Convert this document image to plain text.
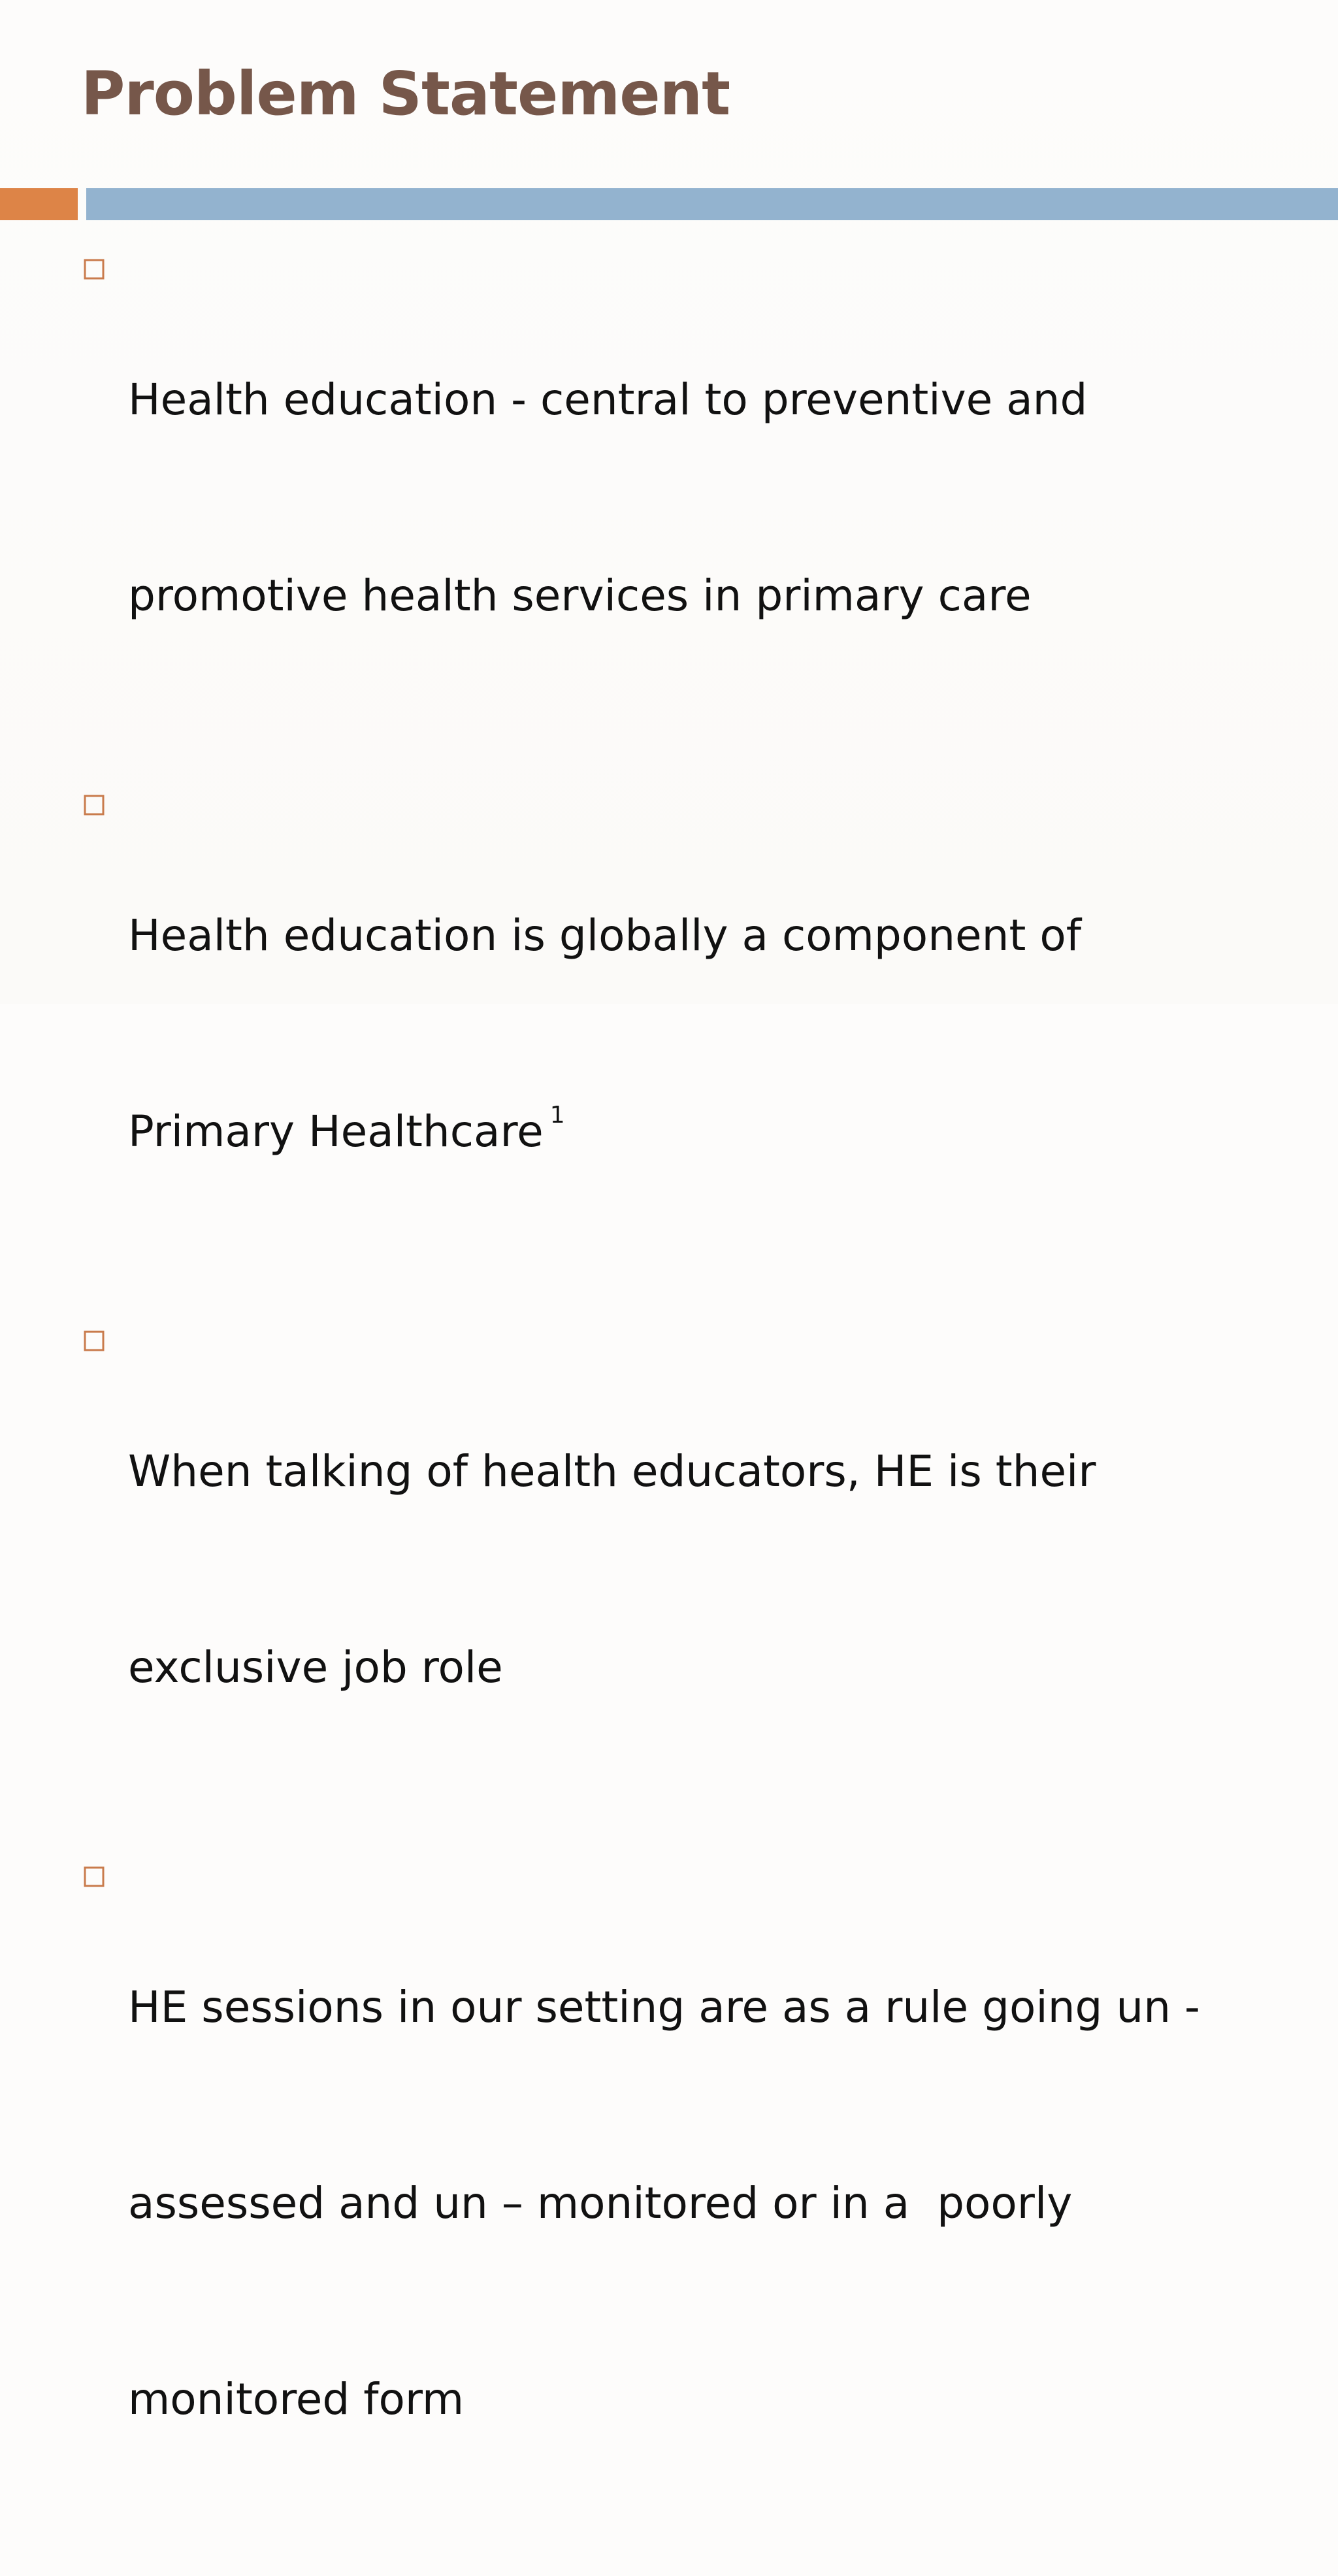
Problem Statement

Health education - central to preventive and

promotive health services in primary care

Health education is globally a component of

Primary Healthcare $^1$

When talking of health educators, HE is their

exclusive job role

HE sessions in our setting are as a rule going un -

assessed and un – monitored or in a  poorly

monitored form
